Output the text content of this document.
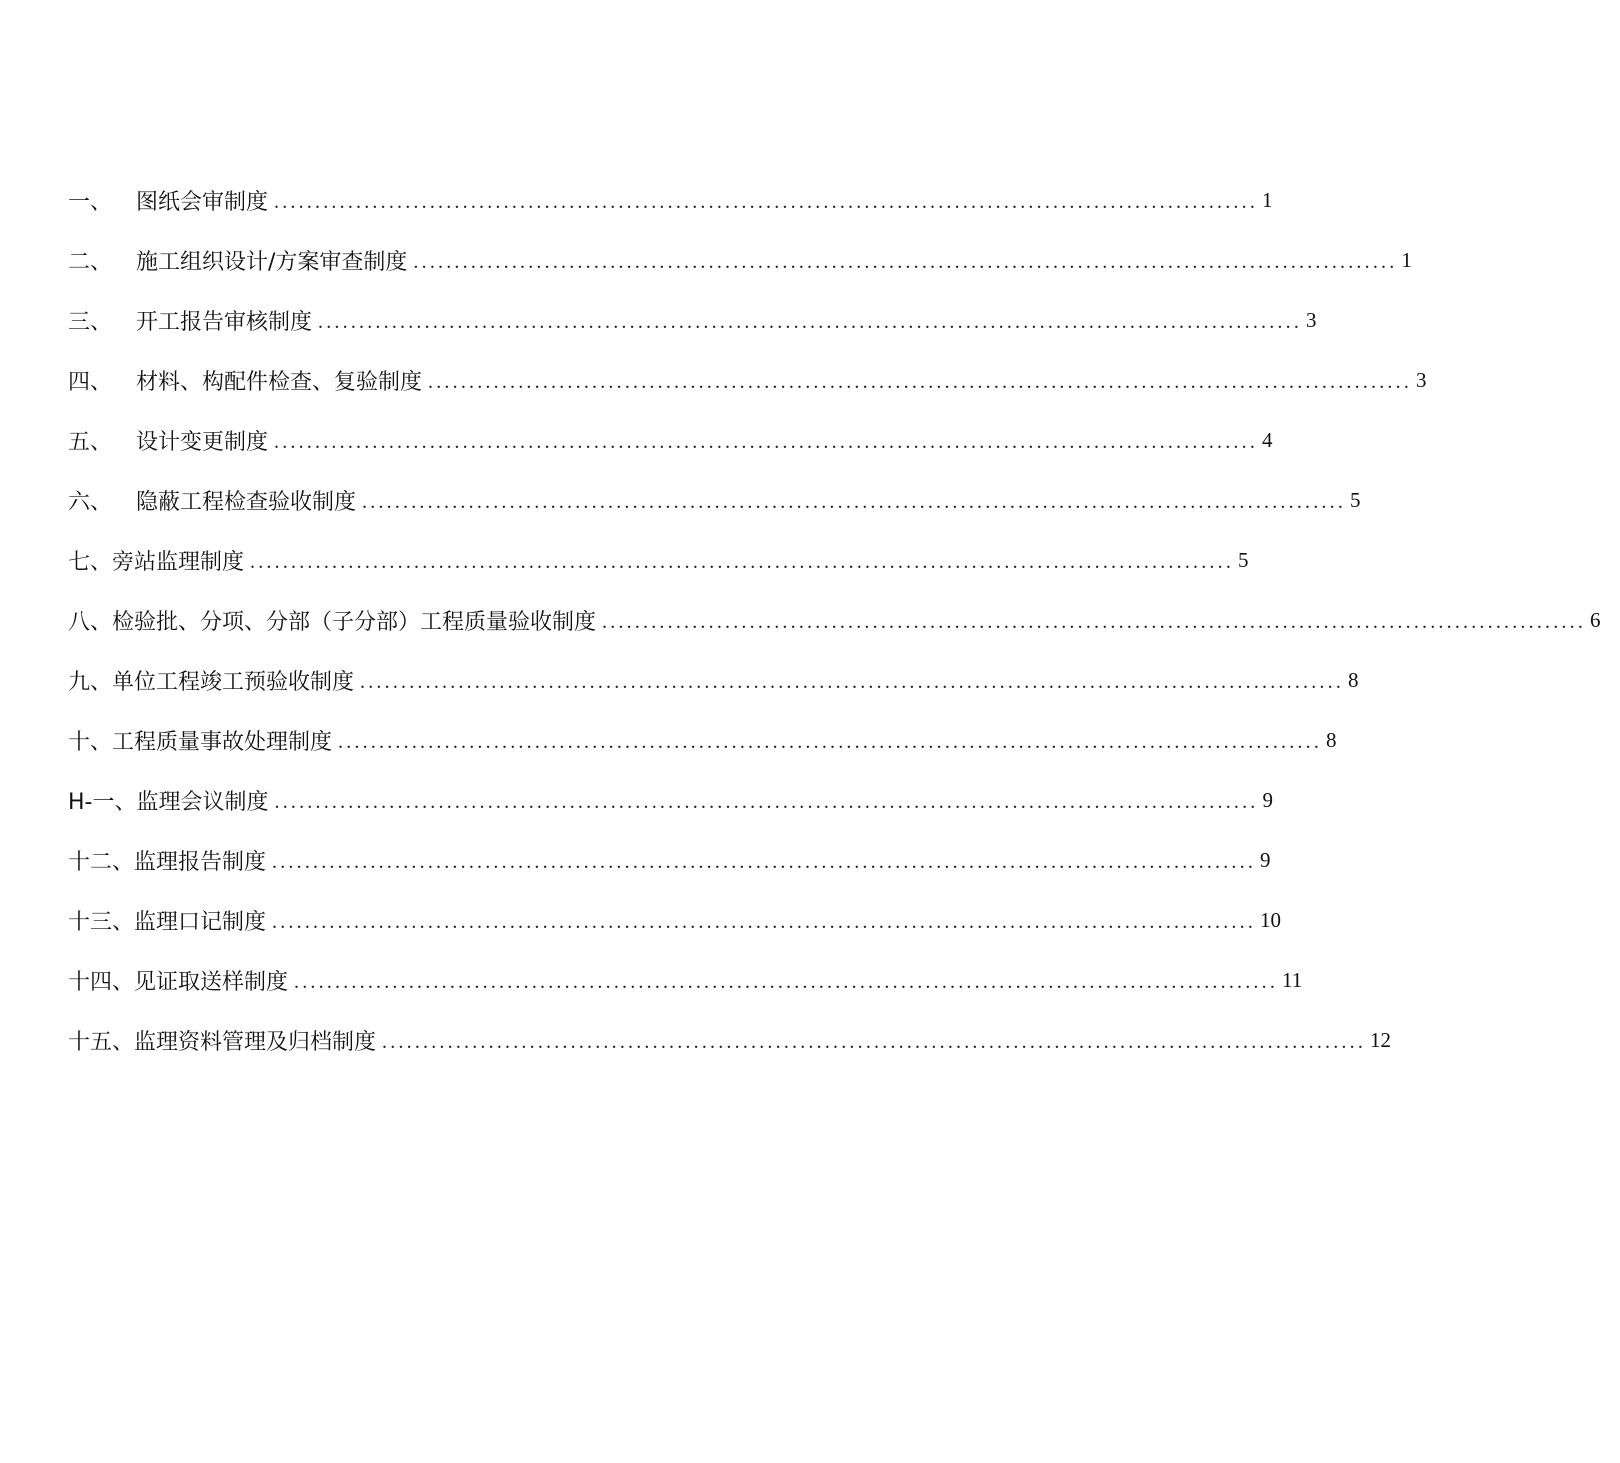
一、	图纸会审制度 ........................................................................................................................ 1
二、	施工组织设计/方案审查制度 ........................................................................................................................ 1
三、	开工报告审核制度 ........................................................................................................................ 3
四、	材料、构配件检查、复验制度 ........................................................................................................................ 3
五、	设计变更制度 ........................................................................................................................ 4
六、	隐蔽工程检查验收制度 ........................................................................................................................ 5
七、 旁站监理制度 ........................................................................................................................ 5
八、 检验批、分项、分部（子分部）工程质量验收制度 ........................................................................................................................ 6
九、 单位工程竣工预验收制度 ........................................................................................................................ 8
十、 工程质量事故处理制度 ........................................................................................................................ 8
H-一、 监理会议制度 ........................................................................................................................ 9
十二、 监理报告制度 ........................................................................................................................ 9
十三、 监理口记制度 ........................................................................................................................ 10
十四、 见证取送样制度 ........................................................................................................................ 11
十五、 监理资料管理及归档制度 ........................................................................................................................ 12
